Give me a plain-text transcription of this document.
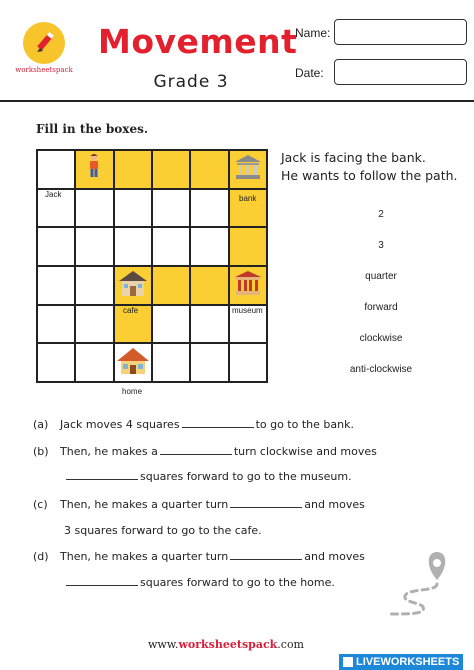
worksheetspack
Movement
Grade 3
Name:
Date:
Fill in the boxes.
Jack	bank
cafe	museum
home
Jack is facing the bank.
He wants to follow the path.
2
3
quarter
forward
clockwise
anti-clockwise
(a)	Jack moves 4 squares	to go to the bank.
(b)	Then, he makes a	turn clockwise and moves
squares forward to go to the museum.
(c)	Then, he makes a quarter turn	and moves
3 squares forward to go to the cafe.
(d)	Then, he makes a quarter turn	and moves
squares forward to go to the home.
www.worksheetspack.com
LIVEWORKSHEETS
